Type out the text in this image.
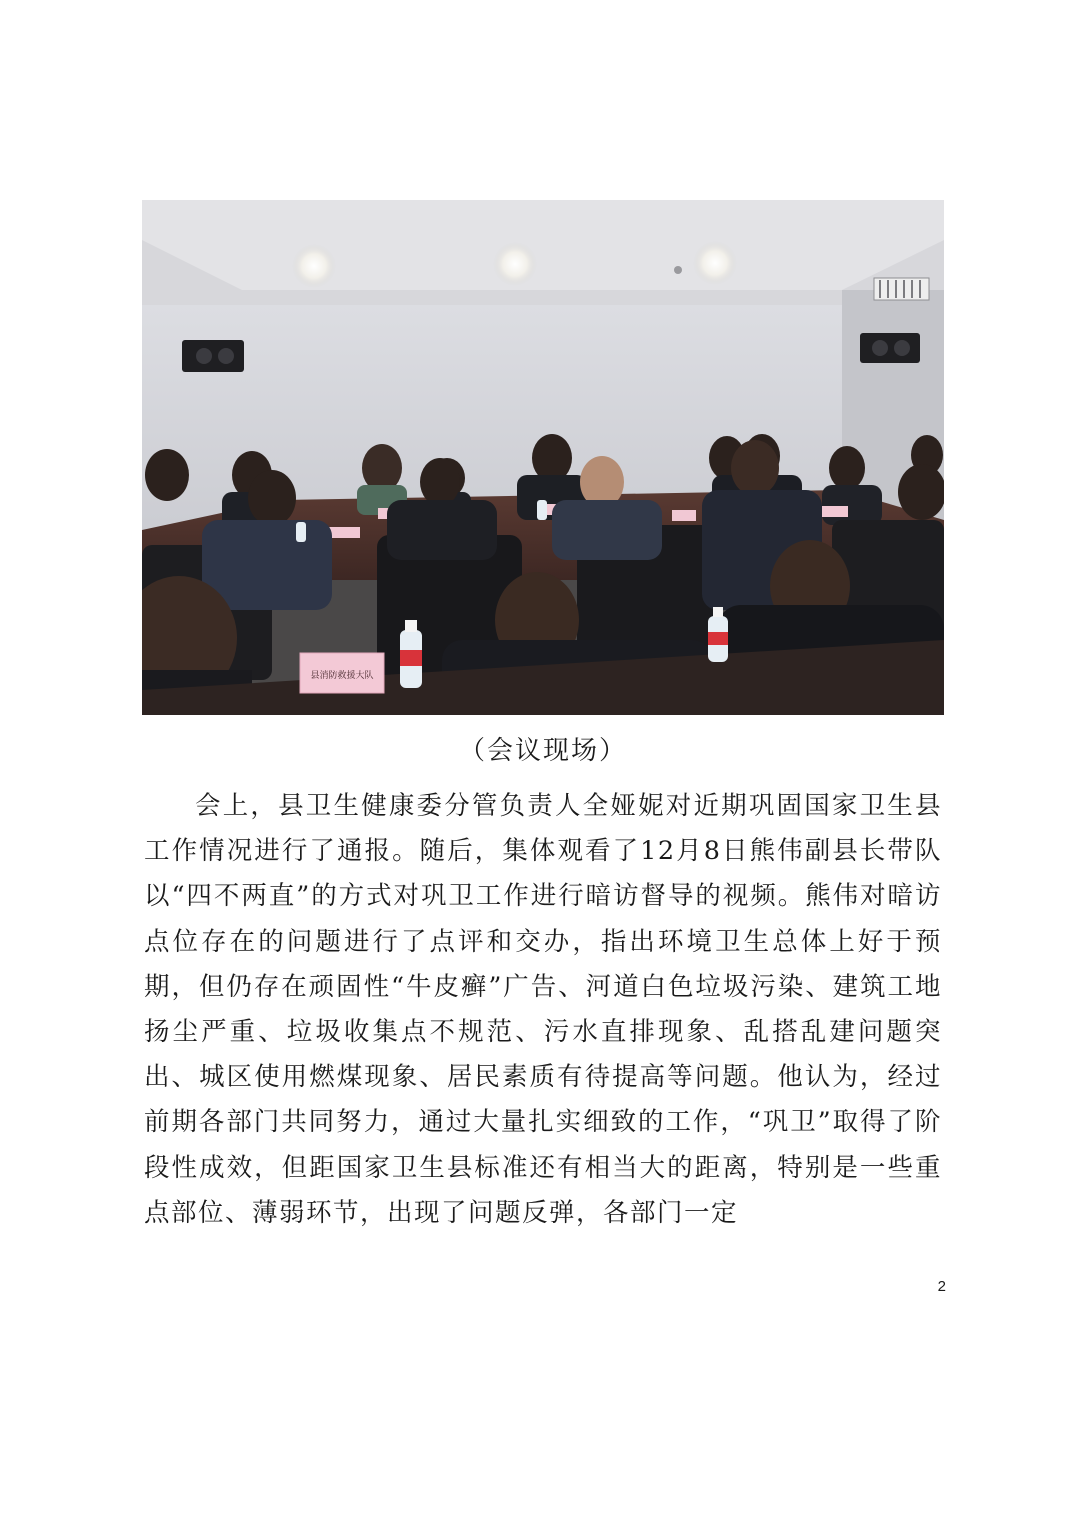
县消防救援大队
（会议现场）

会上，县卫生健康委分管负责人全娅妮对近期巩固国家卫生县工作情况进行了通报。随后，集体观看了12月8日熊伟副县长带队以“四不两直”的方式对巩卫工作进行暗访督导的视频。熊伟对暗访点位存在的问题进行了点评和交办，指出环境卫生总体上好于预期，但仍存在顽固性“牛皮癣”广告、河道白色垃圾污染、建筑工地扬尘严重、垃圾收集点不规范、污水直排现象、乱搭乱建问题突出、城区使用燃煤现象、居民素质有待提高等问题。他认为，经过前期各部门共同努力，通过大量扎实细致的工作，“巩卫”取得了阶段性成效，但距国家卫生县标准还有相当大的距离，特别是一些重点部位、薄弱环节，出现了问题反弹，各部门一定

2
